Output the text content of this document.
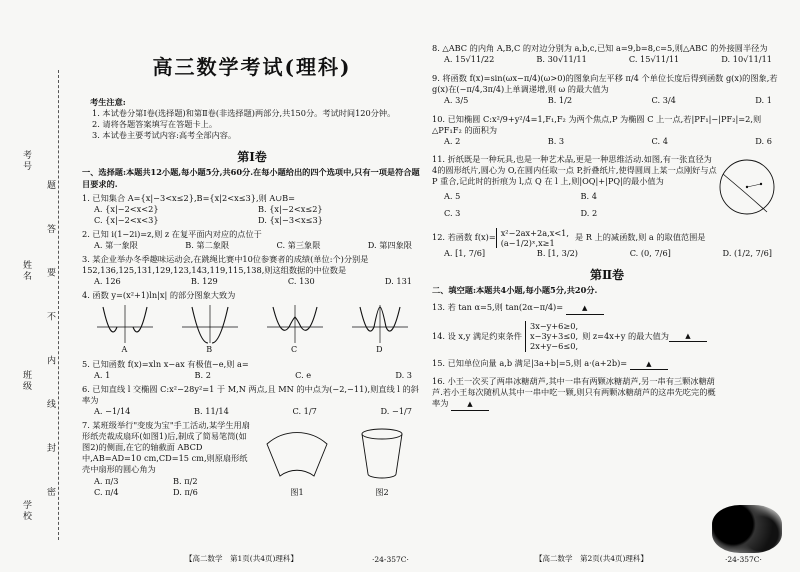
考号
姓名
班级
学校 题 答 要 不 内 线 封 密
高三数学考试(理科)
考生注意:
1. 本试卷分第Ⅰ卷(选择题)和第Ⅱ卷(非选择题)两部分,共150分。考试时间120分钟。
2. 请将各题答案填写在答题卡上。
3. 本试卷主要考试内容:高考全部内容。
第Ⅰ卷
一、选择题:本题共12小题,每小题5分,共60分.在每小题给出的四个选项中,只有一项是符合题目要求的.
1. 已知集合 A={x|−3<x≤2},B={x|2<x≤3},则 A∪B=
A. {x|−2<x<2}	B. {x|−2<x≤2}
C. {x|−2<x<3}	D. {x|−3<x≤3}
2. 已知 i(1−2i)=z,则 z 在复平面内对应的点位于
A. 第一象限	B. 第二象限	C. 第三象限	D. 第四象限
3. 某企业举办冬季趣味运动会,在跳绳比赛中10位参赛者的成绩(单位:个)分别是152,136,125,131,129,123,143,119,115,138,则这组数据的中位数是
A. 126	B. 129	C. 130	D. 131
4. 函数 y=(x²+1)ln|x| 的部分图象大致为
A	B	C	D
5. 已知函数 f(x)=xln x−ax 有极值−e,则 a=
A. 1	B. 2	C. e	D. 3
6. 已知直线 l 交椭圆 C:x²−28y²=1 于 M,N 两点,且 MN 的中点为(−2,−11),则直线 l 的斜率为
A. −1/14	B. 11/14	C. 1/7	D. −1/7
7. 某班级举行"变废为宝"手工活动,某学生用扇形纸壳裁成扇环(如图1)后,制成了简易笔筒(如图2)的侧面,在它的轴截面 ABCD 中,AB=AD=10 cm,CD=15 cm,则原扇形纸壳中扇形的圆心角为
A. π/3	B. π/2
C. π/4	D. π/6	图1	图2
【高二数学　第1页(共4页)理科】	·24-357C·
8. △ABC 的内角 A,B,C 的对边分别为 a,b,c,已知 a=9,b=8,c=5,则△ABC 的外接圆半径为
A. 15√11/22	B. 30√11/11	C. 15√11/11	D. 10√11/11
9. 将函数 f(x)=sin(ωx−π/4)(ω>0)的图象向左平移 π/4 个单位长度后得到函数 g(x)的图象,若 g(x)在(−π/4,3π/4)上单调递增,则 ω 的最大值为
A. 3/5	B. 1/2	C. 3/4	D. 1
10. 已知椭圆 C:x²/9+y²/4=1,F₁,F₂ 为两个焦点,P 为椭圆 C 上一点,若|PF₁|−|PF₂|=2,则△PF₁F₂ 的面积为
A. 2	B. 3	C. 4	D. 6
11. 折纸既是一种玩具,也是一种艺术品,更是一种思维活动.如图,有一张直径为4的圆形纸片,圆心为 O,在圆内任取一点 P,折叠纸片,使得圆周上某一点刚好与点 P 重合,记此时的折痕为 l,点 Q 在 l 上,则|OQ|+|PQ|的最小值为
A. 5	B. 4
C. 3	D. 2
12. 若函数 f(x)= x²−2ax+2a,x<1,
(a−1/2)ˣ,x≥1
是 R 上的减函数,则 a 的取值范围是
A. [1, 7/6]	B. [1, 3/2)	C. (0, 7/6]	D. (1/2, 7/6]
第Ⅱ卷
二、填空题:本题共4小题,每小题5分,共20分.
13. 若 tan α=5,则 tan(2α−π/4)=	▲
14. 设 x,y 满足约束条件
3x−y+6≥0,
x−3y+3≤0,
2x+y−6≤0,
则 z=4x+y 的最大值为	▲
15. 已知单位向量 a,b 满足|3a+b|=5,则 a·(a+2b)=	▲
16. 小王一次买了两串冰糖葫芦,其中一串有两颗冰糖葫芦,另一串有三颗冰糖葫芦.若小王每次随机从其中一串中吃一颗,则只有两颗冰糖葫芦的这串先吃完的概率为	▲
【高二数学　第2页(共4页)理科】	·24-357C·
